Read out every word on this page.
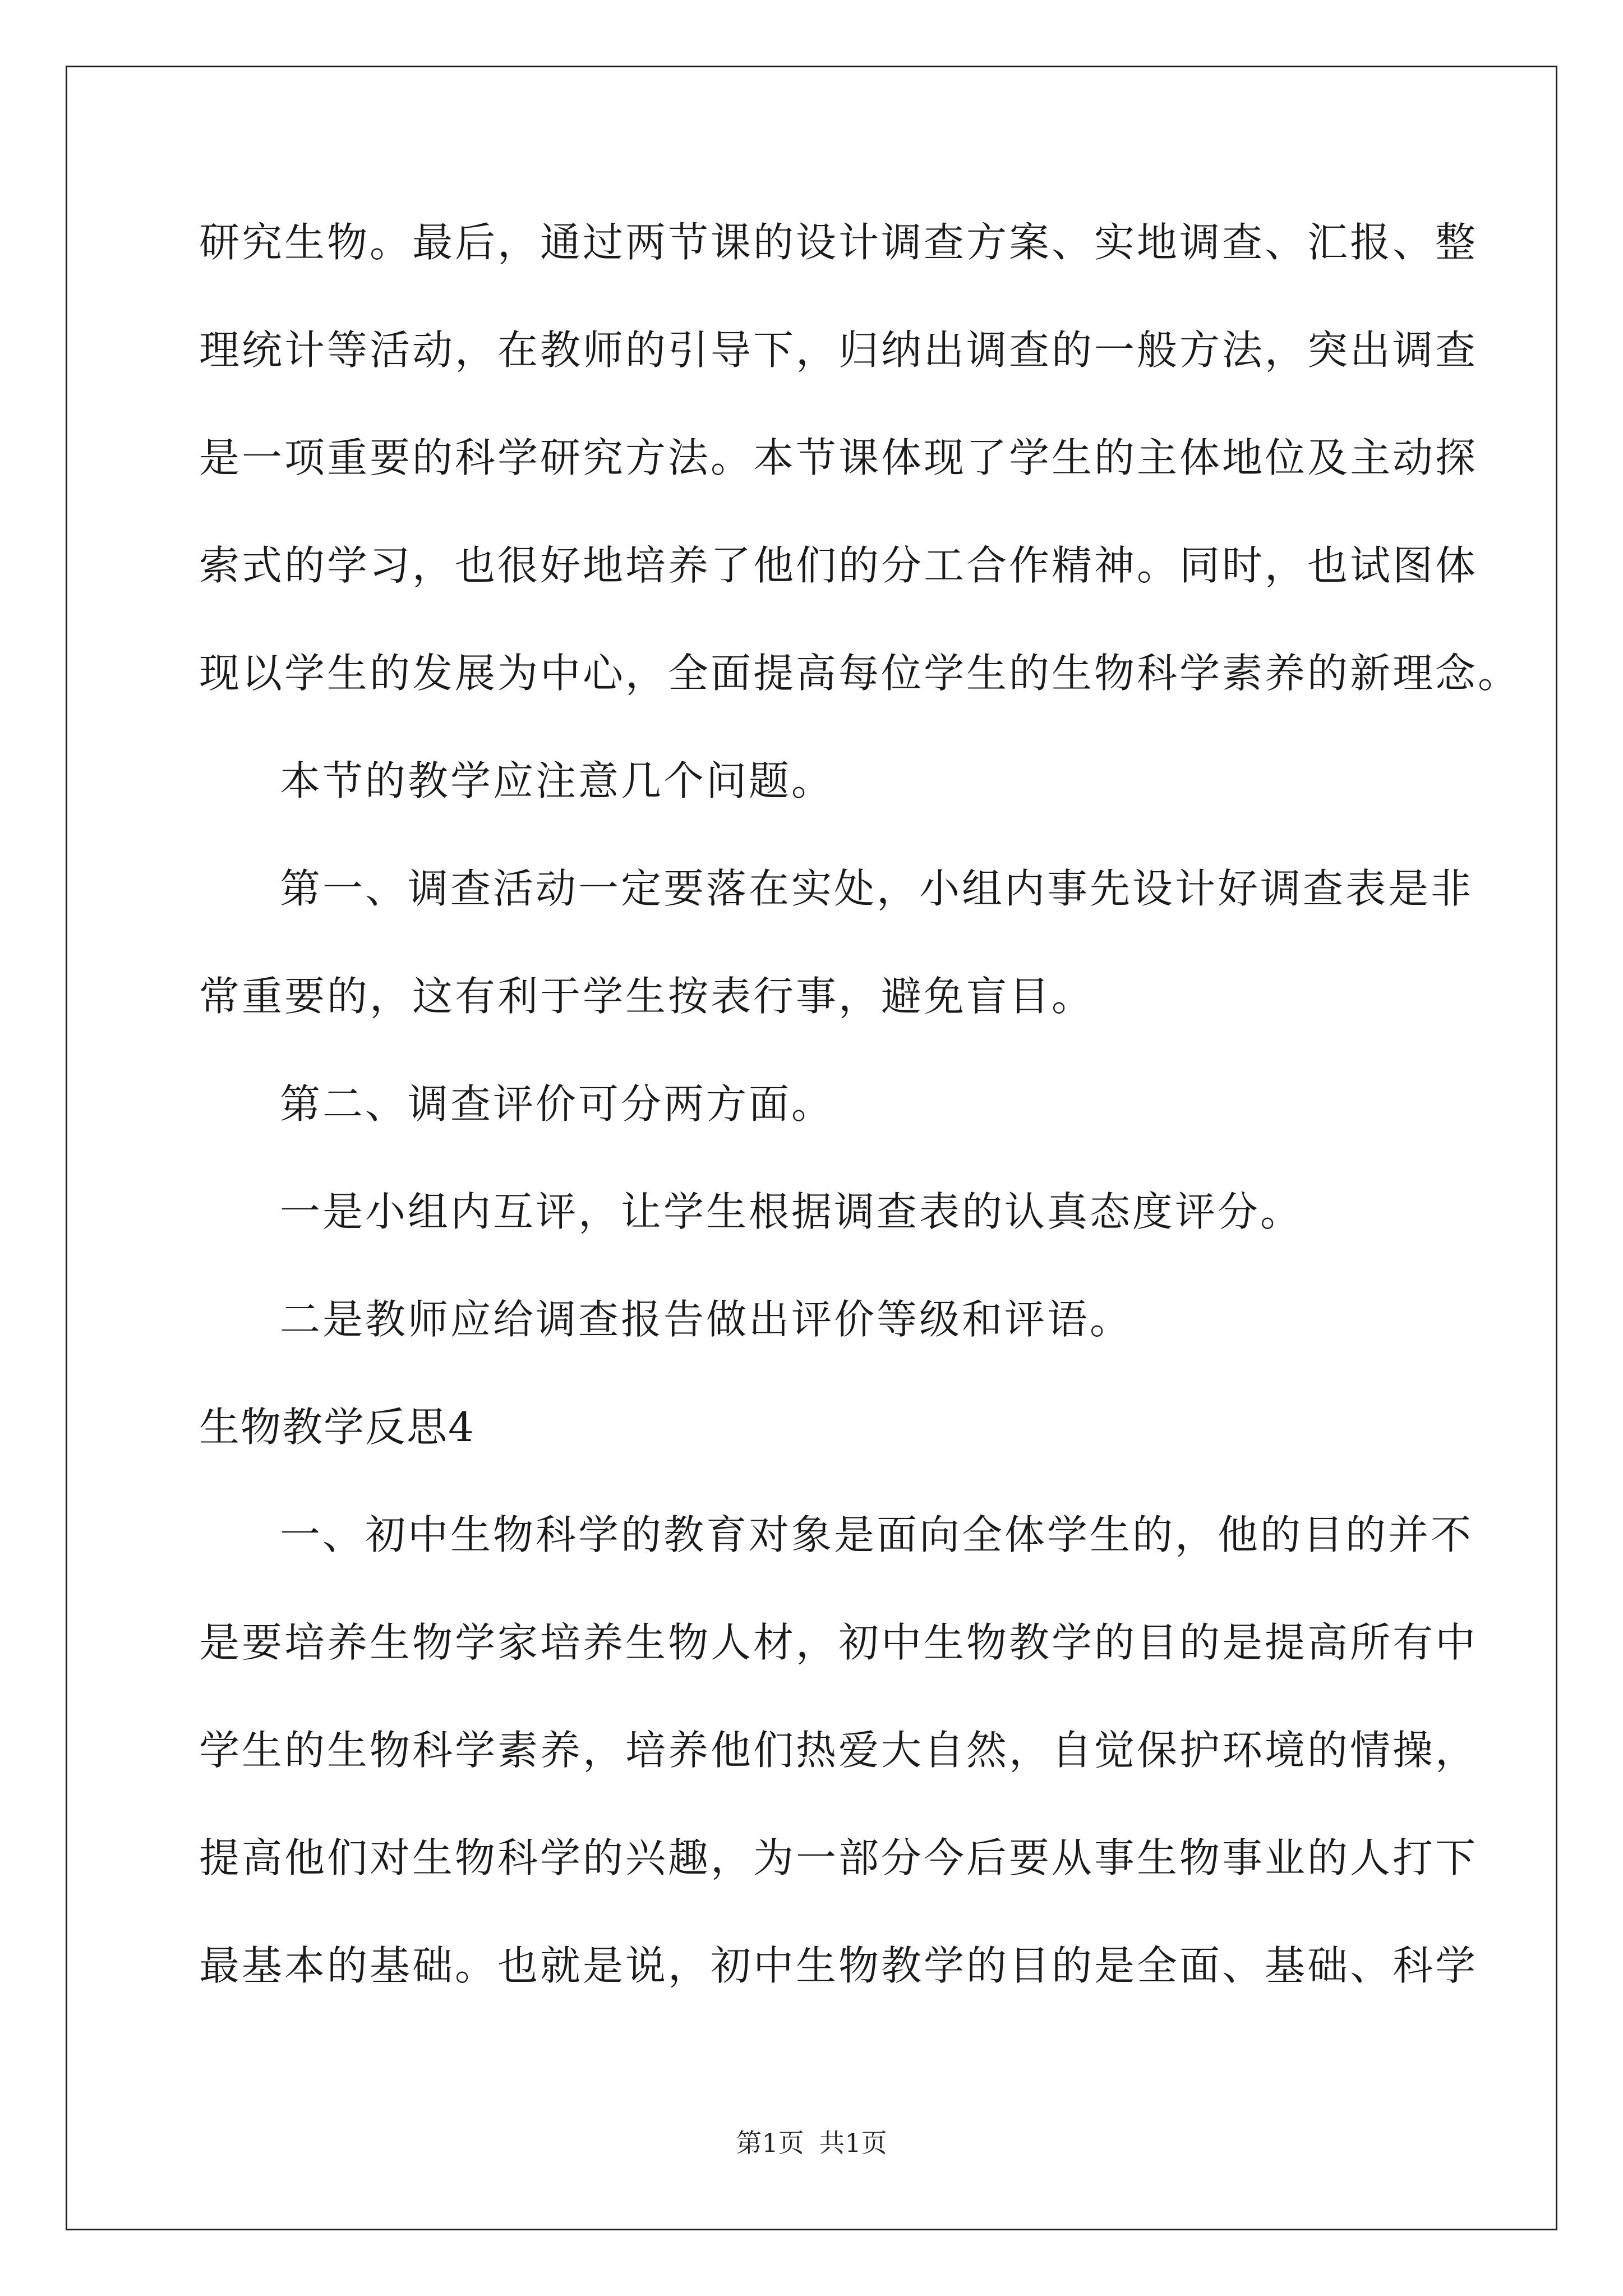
研究生物。最后，通过两节课的设计调查方案、实地调查、汇报、整
理统计等活动，在教师的引导下，归纳出调查的一般方法，突出调查
是一项重要的科学研究方法。本节课体现了学生的主体地位及主动探
索式的学习，也很好地培养了他们的分工合作精神。同时，也试图体
现以学生的发展为中心，全面提高每位学生的生物科学素养的新理念。
本节的教学应注意几个问题。
第一、调查活动一定要落在实处，小组内事先设计好调查表是非
常重要的，这有利于学生按表行事，避免盲目。
第二、调查评价可分两方面。
一是小组内互评，让学生根据调查表的认真态度评分。
二是教师应给调查报告做出评价等级和评语。
生物教学反思4
一、初中生物科学的教育对象是面向全体学生的，他的目的并不
是要培养生物学家培养生物人材，初中生物教学的目的是提高所有中
学生的生物科学素养，培养他们热爱大自然，自觉保护环境的情操，
提高他们对生物科学的兴趣，为一部分今后要从事生物事业的人打下
最基本的基础。也就是说，初中生物教学的目的是全面、基础、科学
第1页 共1页
